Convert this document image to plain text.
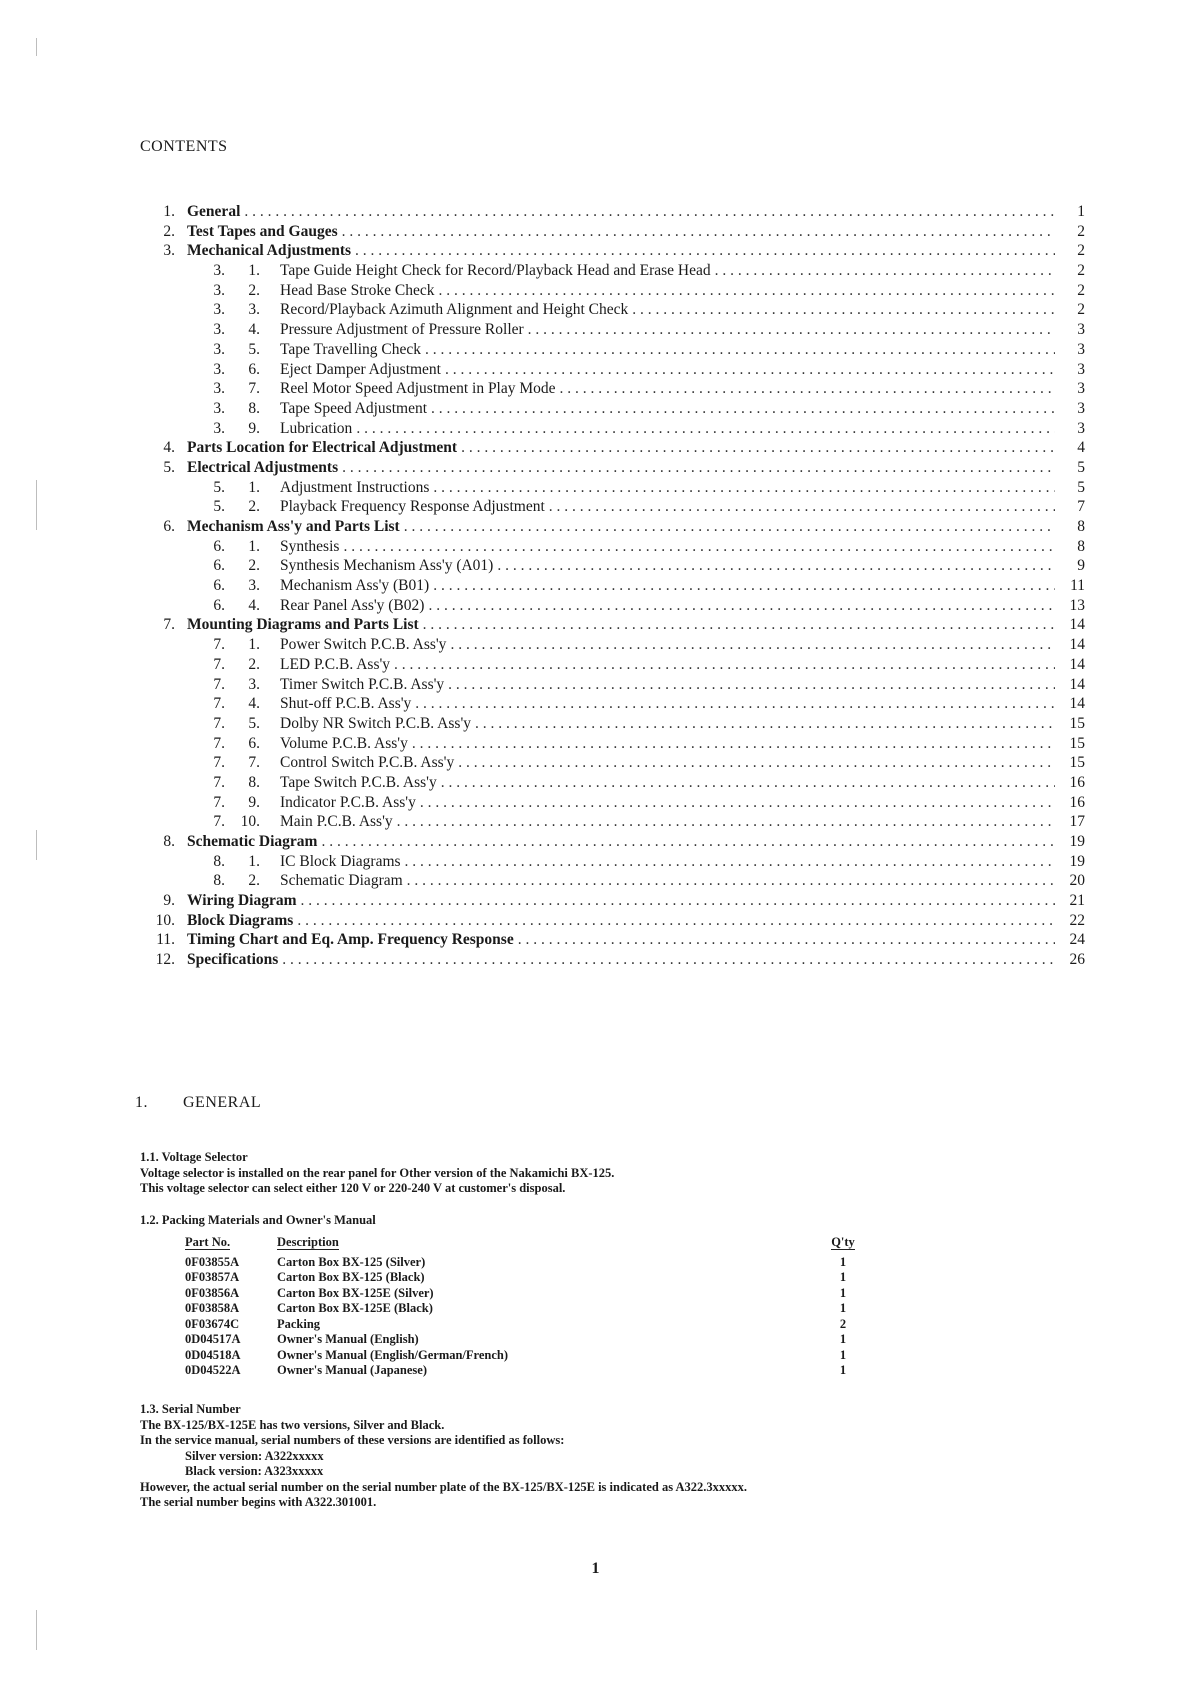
CONTENTS
1. General . . .	1
2. Test Tapes and Gauges . . .	2
3. Mechanical Adjustments . . .	2
3.	1.	Tape Guide Height Check for Record/Playback Head and Erase Head . . .	2
3.	2.	Head Base Stroke Check . . .	2
3.	3.	Record/Playback Azimuth Alignment and Height Check . . .	2
3.	4.	Pressure Adjustment of Pressure Roller . . .	3
3.	5.	Tape Travelling Check . . .	3
3.	6.	Eject Damper Adjustment . . .	3
3.	7.	Reel Motor Speed Adjustment in Play Mode . . .	3
3.	8.	Tape Speed Adjustment . . .	3
3.	9.	Lubrication . . .	3
4. Parts Location for Electrical Adjustment . . .	4
5. Electrical Adjustments . . .	5
5.	1.	Adjustment Instructions . . .	5
5.	2.	Playback Frequency Response Adjustment . . .	7
6. Mechanism Ass'y and Parts List . . .	8
6.	1.	Synthesis . . .	8
6.	2.	Synthesis Mechanism Ass'y (A01) . . .	9
6.	3.	Mechanism Ass'y (B01) . . .	11
6.	4.	Rear Panel Ass'y (B02) . . .	13
7. Mounting Diagrams and Parts List . . .	14
7.	1.	Power Switch P.C.B. Ass'y . . .	14
7.	2.	LED P.C.B. Ass'y . . .	14
7.	3.	Timer Switch P.C.B. Ass'y . . .	14
7.	4.	Shut-off P.C.B. Ass'y . . .	14
7.	5.	Dolby NR Switch P.C.B. Ass'y . . .	15
7.	6.	Volume P.C.B. Ass'y . . .	15
7.	7.	Control Switch P.C.B. Ass'y . . .	15
7.	8.	Tape Switch P.C.B. Ass'y . . .	16
7.	9.	Indicator P.C.B. Ass'y . . .	16
7.	10.	Main P.C.B. Ass'y . . .	17
8. Schematic Diagram . . .	19
8.	1.	IC Block Diagrams . . .	19
8.	2.	Schematic Diagram . . .	20
9. Wiring Diagram . . .	21
10. Block Diagrams . . .	22
11. Timing Chart and Eq. Amp. Frequency Response . . .	24
12. Specifications . . .	26
1. GENERAL
1.1. Voltage Selector
Voltage selector is installed on the rear panel for Other version of the Nakamichi BX-125.
This voltage selector can select either 120 V or 220-240 V at customer's disposal.
1.2. Packing Materials and Owner's Manual
Part No.	Description	Q'ty
0F03855A	Carton Box BX-125 (Silver)	1
0F03857A	Carton Box BX-125 (Black)	1
0F03856A	Carton Box BX-125E (Silver)	1
0F03858A	Carton Box BX-125E (Black)	1
0F03674C	Packing	2
0D04517A	Owner's Manual (English)	1
0D04518A	Owner's Manual (English/German/French)	1
0D04522A	Owner's Manual (Japanese)	1
1.3. Serial Number
The BX-125/BX-125E has two versions, Silver and Black.
In the service manual, serial numbers of these versions are identified as follows:
Silver version: A322xxxxx
Black version: A323xxxxx
However, the actual serial number on the serial number plate of the BX-125/BX-125E is indicated as A322.3xxxxx.
The serial number begins with A322.301001.
1
